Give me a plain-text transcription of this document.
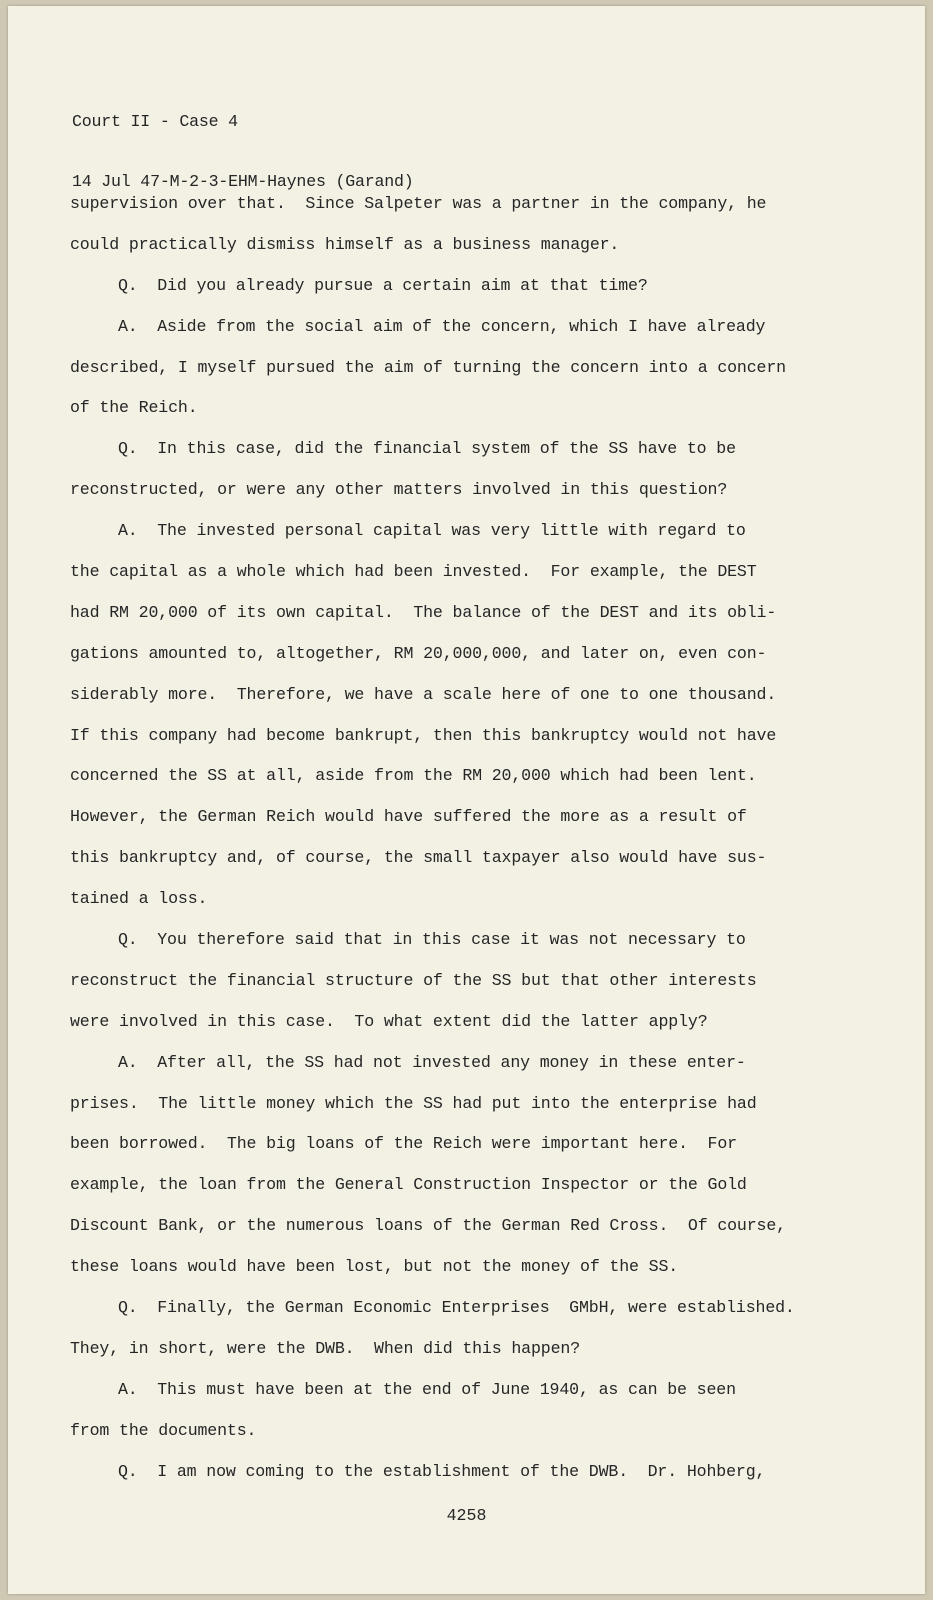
Court II - Case 4

14 Jul 47-M-2-3-EHM-Haynes (Garand)

supervision over that.  Since Salpeter was a partner in the company, he
could practically dismiss himself as a business manager.
Q.  Did you already pursue a certain aim at that time?
A.  Aside from the social aim of the concern, which I have already
described, I myself pursued the aim of turning the concern into a concern
of the Reich.
Q.  In this case, did the financial system of the SS have to be
reconstructed, or were any other matters involved in this question?
A.  The invested personal capital was very little with regard to
the capital as a whole which had been invested.  For example, the DEST
had RM 20,000 of its own capital.  The balance of the DEST and its obli-
gations amounted to, altogether, RM 20,000,000, and later on, even con-
siderably more.  Therefore, we have a scale here of one to one thousand.
If this company had become bankrupt, then this bankruptcy would not have
concerned the SS at all, aside from the RM 20,000 which had been lent.
However, the German Reich would have suffered the more as a result of
this bankruptcy and, of course, the small taxpayer also would have sus-
tained a loss.
Q.  You therefore said that in this case it was not necessary to
reconstruct the financial structure of the SS but that other interests
were involved in this case.  To what extent did the latter apply?
A.  After all, the SS had not invested any money in these enter-
prises.  The little money which the SS had put into the enterprise had
been borrowed.  The big loans of the Reich were important here.  For
example, the loan from the General Construction Inspector or the Gold
Discount Bank, or the numerous loans of the German Red Cross.  Of course,
these loans would have been lost, but not the money of the SS.
Q.  Finally, the German Economic Enterprises  GMbH, were established.
They, in short, were the DWB.  When did this happen?
A.  This must have been at the end of June 1940, as can be seen
from the documents.
Q.  I am now coming to the establishment of the DWB.  Dr. Hohberg,
4258
